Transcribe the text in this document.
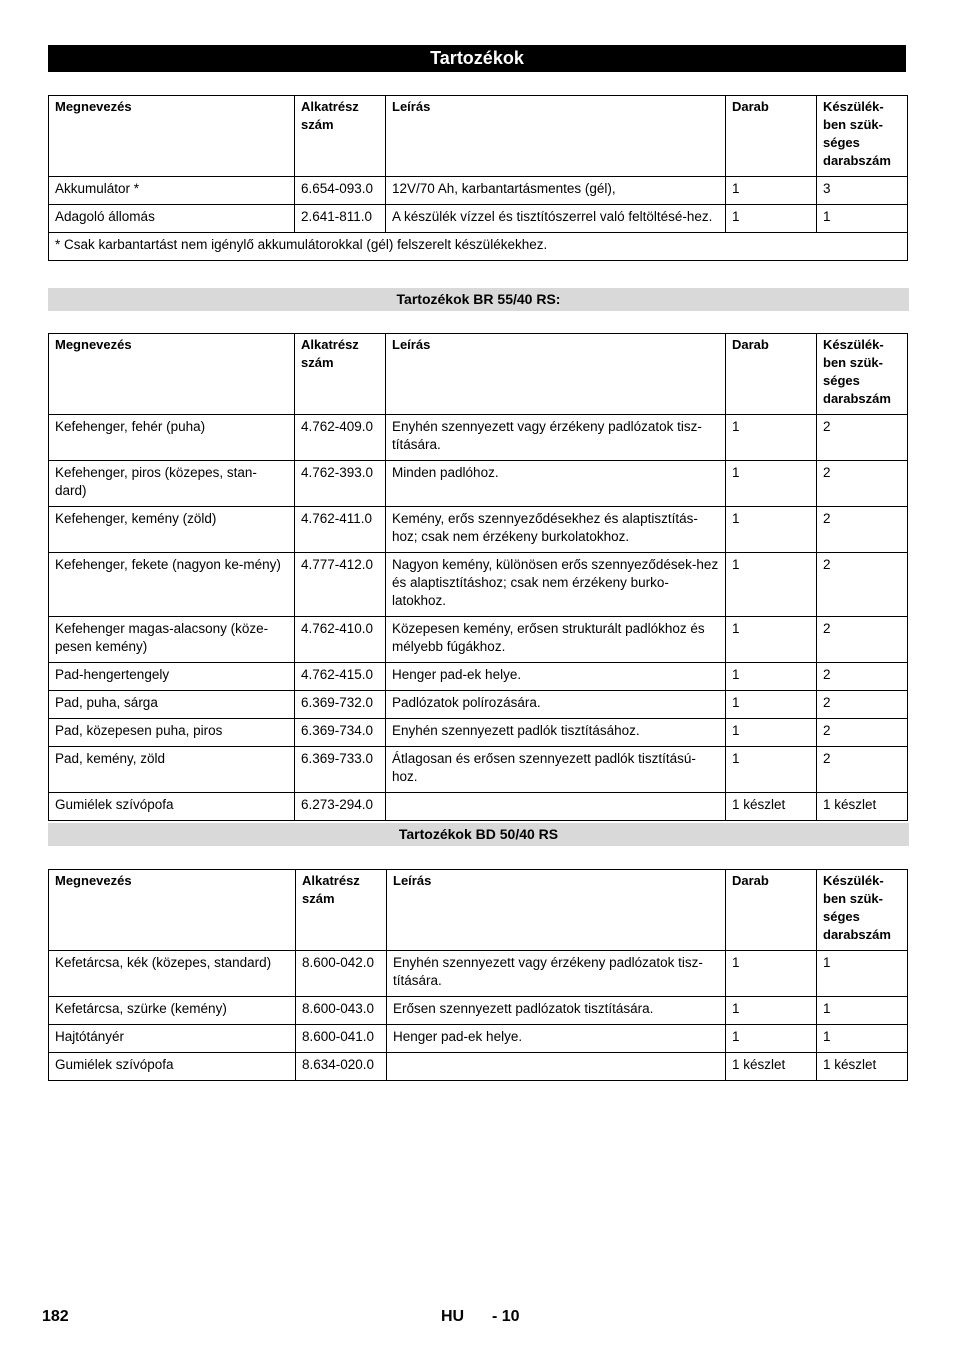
Tartozékok
Megnevezés	Alkatrész szám	Leírás	Darab	Készülék-
ben szük-
séges
darabszám
Akkumulátor *	6.654-093.0	12V/70 Ah, karbantartásmentes (gél),	1	3
Adagoló állomás	2.641-811.0	A készülék vízzel és tisztítószerrel való feltöltésé-hez.	1	1
* Csak karbantartást nem igénylő akkumulátorokkal (gél) felszerelt készülékekhez.				
Tartozékok BR 55/40 RS:
Megnevezés	Alkatrész szám	Leírás	Darab	Készülék-
ben szük-
séges
darabszám
Kefehenger, fehér (puha)	4.762-409.0	Enyhén szennyezett vagy érzékeny padlózatok tisz-títására.	1	2
Kefehenger, piros (közepes, stan-dard)	4.762-393.0	Minden padlóhoz.	1	2
Kefehenger, kemény (zöld)	4.762-411.0	Kemény, erős szennyeződésekhez és alaptisztítás-hoz; csak nem érzékeny burkolatokhoz.	1	2
Kefehenger, fekete (nagyon ke-mény)	4.777-412.0	Nagyon kemény, különösen erős szennyeződések-hez és alaptisztításhoz; csak nem érzékeny burko-latokhoz.	1	2
Kefehenger magas-alacsony (köze-pesen kemény)	4.762-410.0	Közepesen kemény, erősen strukturált padlókhoz és mélyebb fúgákhoz.	1	2
Pad-hengertengely	4.762-415.0	Henger pad-ek helye.	1	2
Pad, puha, sárga	6.369-732.0	Padlózatok polírozására.	1	2
Pad, közepesen puha, piros	6.369-734.0	Enyhén szennyezett padlók tisztításához.	1	2
Pad, kemény, zöld	6.369-733.0	Átlagosan és erősen szennyezett padlók tisztítású-hoz.	1	2
Gumiélek szívópofa	6.273-294.0		1 készlet	1 készlet
Tartozékok BD 50/40 RS
Megnevezés	Alkatrész szám	Leírás	Darab	Készülék-
ben szük-
séges
darabszám
Kefetárcsa, kék (közepes, standard)	8.600-042.0	Enyhén szennyezett vagy érzékeny padlózatok tisz-títására.	1	1
Kefetárcsa, szürke (kemény)	8.600-043.0	Erősen szennyezett padlózatok tisztítására.	1	1
Hajtótányér	8.600-041.0	Henger pad-ek helye.	1	1
Gumiélek szívópofa	8.634-020.0		1 készlet	1 készlet
182	HU - 10
